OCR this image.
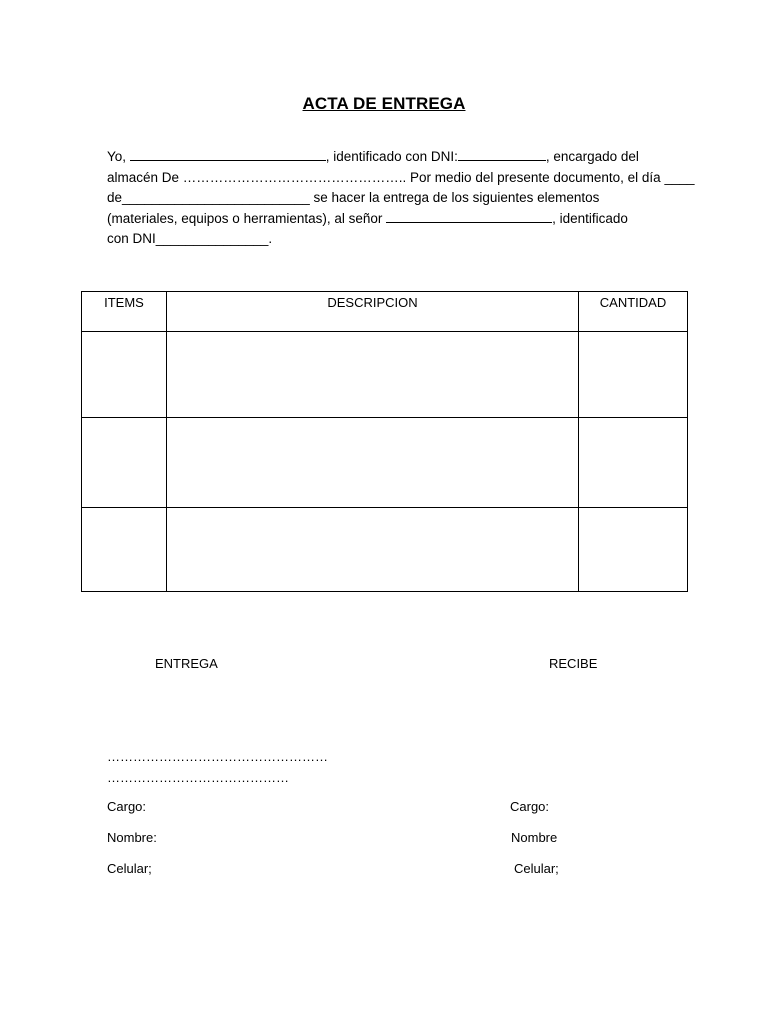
ACTA DE ENTREGA
Yo,	, identificado con DNI:	, encargado del
almacén De ………………………………………….. Por medio del presente documento, el día ____
de_________________________ se hacer la entrega de los siguientes elementos
(materiales, equipos o herramientas), al señor	, identificado
con DNI_______________.
ITEMS	DESCRIPCION	CANTIDAD

ENTREGA	RECIBE
……………………………………………
……………………………………
Cargo:
Nombre:
Celular;
Cargo:
Nombre
Celular;
